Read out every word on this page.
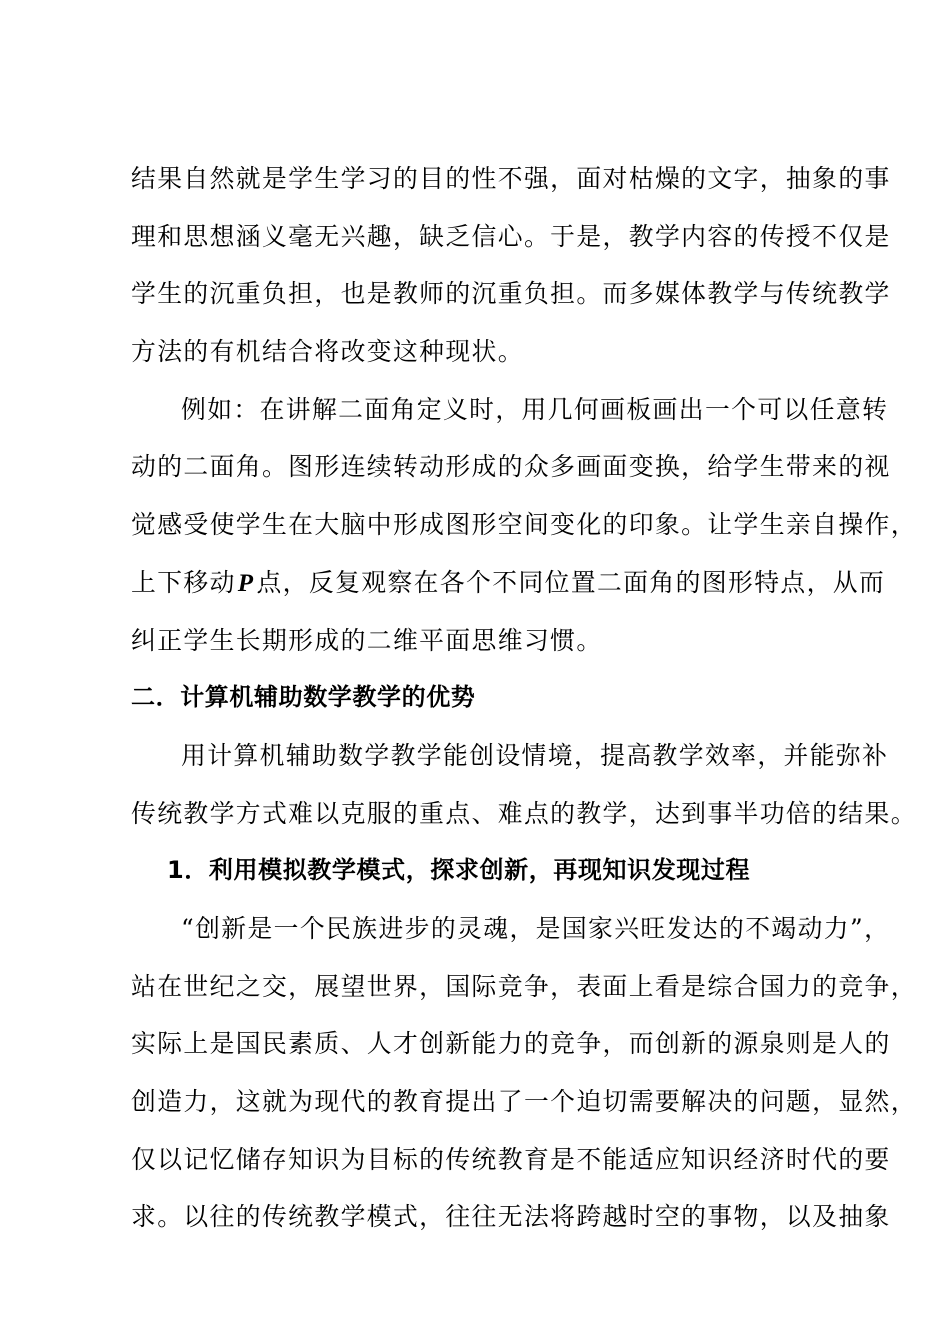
结果自然就是学生学习的目的性不强，面对枯燥的文字，抽象的事
理和思想涵义毫无兴趣，缺乏信心。于是，教学内容的传授不仅是
学生的沉重负担，也是教师的沉重负担。而多媒体教学与传统教学
方法的有机结合将改变这种现状。
例如：在讲解二面角定义时，用几何画板画出一个可以任意转
动的二面角。图形连续转动形成的众多画面变换，给学生带来的视
觉感受使学生在大脑中形成图形空间变化的印象。让学生亲自操作，
上下移动P点，反复观察在各个不同位置二面角的图形特点，从而
纠正学生长期形成的二维平面思维习惯。
二．计算机辅助数学教学的优势
用计算机辅助数学教学能创设情境，提高教学效率，并能弥补
传统教学方式难以克服的重点、难点的教学，达到事半功倍的结果。
1．利用模拟教学模式，探求创新，再现知识发现过程
“创新是一个民族进步的灵魂，是国家兴旺发达的不竭动力”，
站在世纪之交，展望世界，国际竞争，表面上看是综合国力的竞争，
实际上是国民素质、人才创新能力的竞争，而创新的源泉则是人的
创造力，这就为现代的教育提出了一个迫切需要解决的问题，显然，
仅以记忆储存知识为目标的传统教育是不能适应知识经济时代的要
求。以往的传统教学模式，往往无法将跨越时空的事物，以及抽象
